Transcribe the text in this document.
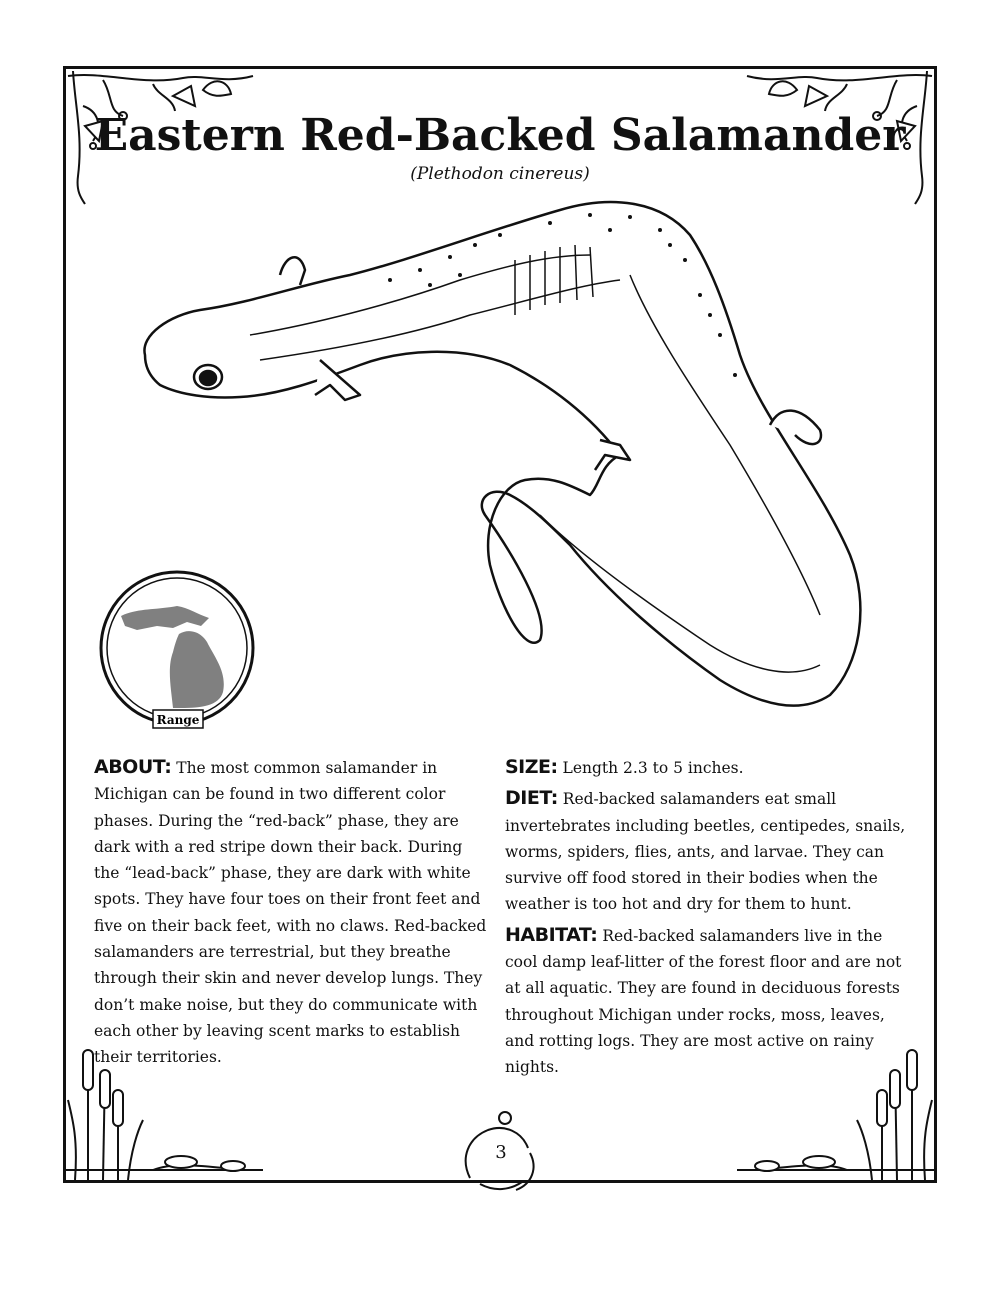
Eastern Red-Backed Salamander
(Plethodon cinereus)
Range

ABOUT: The most common salamander in Michigan can be found in two different color phases. During the “red-back” phase, they are dark with a red stripe down their back. During the “lead-back” phase, they are dark with white spots. They have four toes on their front feet and five on their back feet, with no claws. Red-backed salamanders are terrestrial, but they breathe through their skin and never develop lungs. They don’t make noise, but they do communicate with each other by leaving scent marks to establish their territories.

SIZE: Length 2.3 to 5 inches.

DIET: Red-backed salamanders eat small invertebrates including beetles, centipedes, snails, worms, spiders, flies, ants, and larvae. They can survive off food stored in their bodies when the weather is too hot and dry for them to hunt.

HABITAT: Red-backed salamanders live in the cool damp leaf-litter of the forest floor and are not at all aquatic. They are found in deciduous forests throughout Michigan under rocks, moss, leaves, and rotting logs. They are most active on rainy nights.

3
